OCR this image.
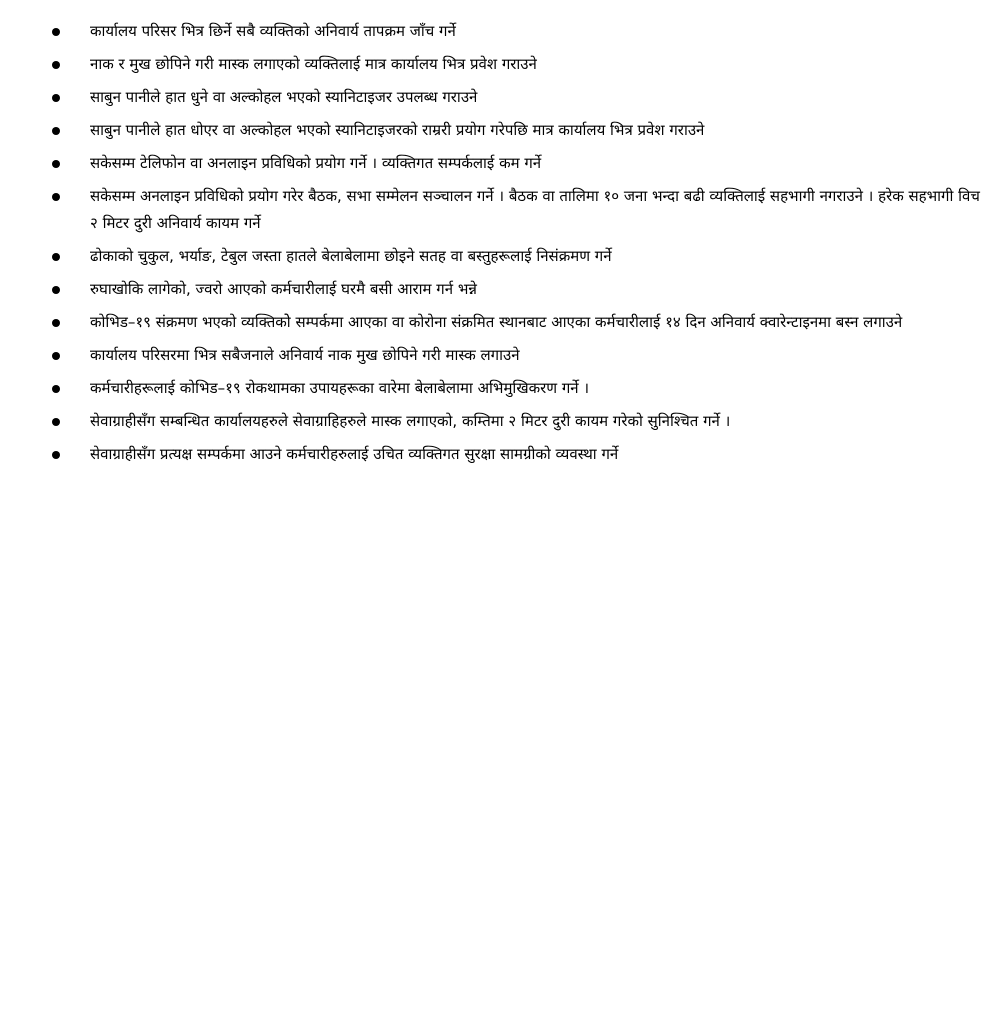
कार्यालय परिसर भित्र छिर्ने सबै व्यक्तिको अनिवार्य तापक्रम जाँच गर्ने
नाक र मुख छोपिने गरी मास्क लगाएको व्यक्तिलाई मात्र कार्यालय भित्र प्रवेश गराउने
साबुन पानीले हात धुने वा अल्कोहल भएको स्यानिटाइजर उपलब्ध गराउने
साबुन पानीले हात धोएर वा अल्कोहल भएको स्यानिटाइजरको राम्ररी प्रयोग गरेपछि मात्र कार्यालय भित्र प्रवेश गराउने
सकेसम्म टेलिफोन वा अनलाइन प्रविधिको प्रयोग गर्ने । व्यक्तिगत सम्पर्कलाई कम गर्ने
सकेसम्म अनलाइन प्रविधिको प्रयोग गरेर बैठक, सभा सम्मेलन सञ्चालन गर्ने । बैठक वा तालिमा १० जना भन्दा बढी व्यक्तिलाई सहभागी नगराउने । हरेक सहभागी विच २ मिटर दुरी अनिवार्य कायम गर्ने
ढोकाको चुकुल, भर्याङ, टेबुल जस्ता हातले बेलाबेलामा छोइने सतह वा बस्तुहरूलाई निसंक्रमण गर्ने
रुघाखोकि लागेको, ज्वरो आएको कर्मचारीलाई घरमै बसी आराम गर्न भन्ने
कोभिड–१९ संक्रमण भएको व्यक्तिकोे सम्पर्कमा आएका वा कोरोना संक्रमित स्थानबाट आएका कर्मचारीलाई १४ दिन अनिवार्य क्वारेन्टाइनमा बस्न लगाउने
कार्यालय परिसरमा भित्र सबैजनाले अनिवार्य नाक मुख छोपिने गरी मास्क लगाउने
कर्मचारीहरूलाई कोभिड–१९ रोकथामका उपायहरूका वारेमा बेलाबेलामा अभिमुखिकरण गर्ने ।
सेवाग्राहीसँग सम्बन्धित कार्यालयहरुले सेवाग्राहिहरुले मास्क लगाएको, कम्तिमा २ मिटर दुरी कायम गरेको सुनिश्चित गर्ने ।
सेवाग्राहीसँग प्रत्यक्ष सम्पर्कमा आउने कर्मचारीहरुलाई उचित व्यक्तिगत सुरक्षा सामग्रीको व्यवस्था गर्ने
